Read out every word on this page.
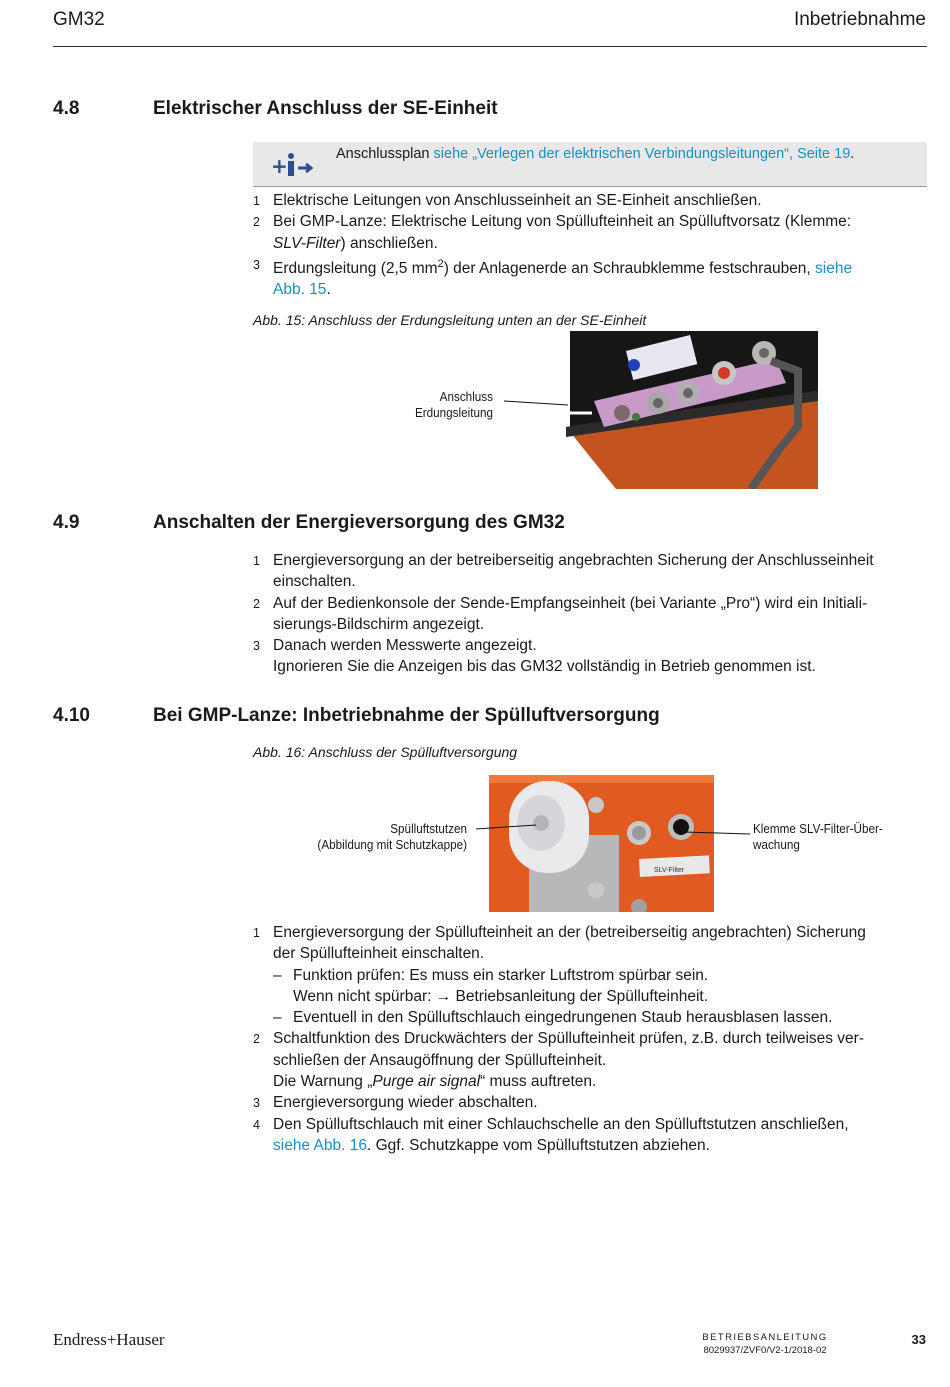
GM32	Inbetriebnahme
4.8	Elektrischer Anschluss der SE-Einheit
+	Anschlussplan siehe „Verlegen der elektrischen Verbindungsleitungen“, Seite 19.
1 Elektrische Leitungen von Anschlusseinheit an SE-Einheit anschließen.
2 Bei GMP-Lanze: Elektrische Leitung von Spüllufteinheit an Spülluftvorsatz (Klemme:
SLV-Filter) anschließen.
3 Erdungsleitung (2,5 $mm^2$) der Anlagenerde an Schraubklemme festschrauben, siehe
Abb. 15.
Abb. 15: Anschluss der Erdungsleitung unten an der SE-Einheit
Anschluss
Erdungsleitung
4.9	Anschalten der Energieversorgung des GM32
1 Energieversorgung an der betreiberseitig angebrachten Sicherung der Anschlusseinheit
einschalten.
2 Auf der Bedienkonsole der Sende-Empfangseinheit (bei Variante „Pro“) wird ein Initiali-
sierungs-Bildschirm angezeigt.
3 Danach werden Messwerte angezeigt.
Ignorieren Sie die Anzeigen bis das GM32 vollständig in Betrieb genommen ist.
4.10	Bei GMP-Lanze: Inbetriebnahme der Spülluftversorgung
Abb. 16: Anschluss der Spülluftversorgung
SLV-Filter
Spülluftstutzen
(Abbildung mit Schutzkappe)
Klemme SLV-Filter-Über-
wachung
1 Energieversorgung der Spüllufteinheit an der (betreiberseitig angebrachten) Sicherung
der Spüllufteinheit einschalten.
– Funktion prüfen: Es muss ein starker Luftstrom spürbar sein.
Wenn nicht spürbar: → Betriebsanleitung der Spüllufteinheit.
– Eventuell in den Spülluftschlauch eingedrungenen Staub herausblasen lassen.
2 Schaltfunktion des Druckwächters der Spüllufteinheit prüfen, z.B. durch teilweises ver-
schließen der Ansaugöffnung der Spüllufteinheit.
Die Warnung „Purge air signal“ muss auftreten.
3 Energieversorgung wieder abschalten.
4 Den Spülluftschlauch mit einer Schlauchschelle an den Spülluftstutzen anschließen,
siehe Abb. 16. Ggf. Schutzkappe vom Spülluftstutzen abziehen.
Endress+Hauser	BETRIEBSANLEITUNG
8029937/ZVF0/V2-1/2018-02
33
